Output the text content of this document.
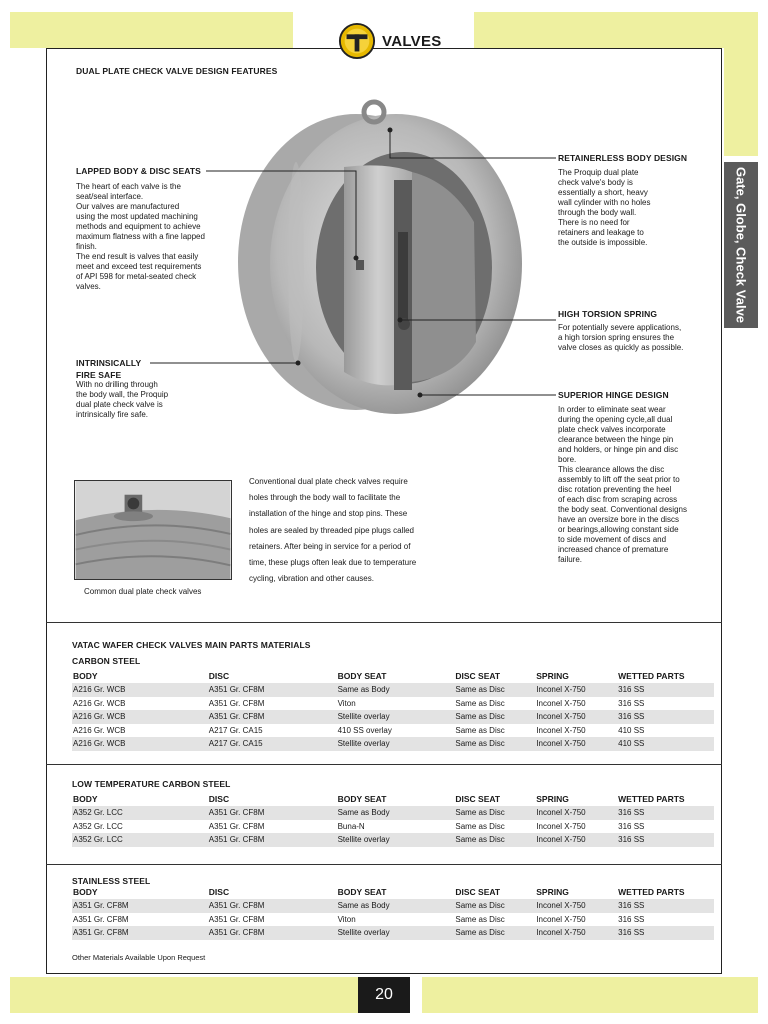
VALVES
Gate, Globe, Check Valve
DUAL PLATE CHECK VALVE DESIGN FEATURES
LAPPED BODY & DISC SEATS
The heart of each valve is the
seat/seal interface.
Our valves are manufactured
using the most updated machining
methods and equipment to achieve
maximum flatness with a fine lapped
finish.
The end result is valves that easily
meet and exceed test requirements
of API 598 for metal-seated check
valves.
INTRINSICALLY
FIRE SAFE
With no drilling through
the body wall, the Proquip
dual plate check valve is
intrinsically fire safe.
RETAINERLESS BODY DESIGN
The Proquip dual plate
check valve's body is
essentially a short, heavy
wall cylinder with no holes
through the body wall.
There is no need for
retainers and leakage to
the outside is impossible.
HIGH TORSION SPRING
For potentially severe applications,
a high torsion spring ensures the
valve closes as quickly as possible.
SUPERIOR HINGE DESIGN
In order to eliminate seat wear
during the opening cycle,all dual
plate check valves incorporate
clearance between the hinge pin
and holders, or hinge pin and disc
bore.
This clearance allows the disc
assembly to lift off the seat prior to
disc rotation preventing the heel
of each disc from scraping across
the body seat. Conventional designs
have an oversize bore in the discs
or bearings,allowing constant side
to side movement of discs and
increased chance of premature
failure.
Conventional dual plate check valves require
holes through the body wall to facilitate the
installation of the hinge and stop pins. These
holes are sealed by threaded pipe plugs called
retainers. After being in service for a period of
time, these plugs often leak due to temperature
cycling, vibration and other causes.
Common dual plate check valves
VATAC WAFER CHECK VALVES MAIN PARTS MATERIALS
CARBON STEEL
BODY	DISC	BODY SEAT	DISC SEAT	SPRING	WETTED PARTS
A216 Gr. WCB	A351 Gr. CF8M	Same as Body	Same as Disc	Inconel X-750	316 SS
A216 Gr. WCB	A351 Gr. CF8M	Viton	Same as Disc	Inconel X-750	316 SS
A216 Gr. WCB	A351 Gr. CF8M	Stellite overlay	Same as Disc	Inconel X-750	316 SS
A216 Gr. WCB	A217 Gr. CA15	410 SS overlay	Same as Disc	Inconel X-750	410 SS
A216 Gr. WCB	A217 Gr. CA15	Stellite overlay	Same as Disc	Inconel X-750	410 SS
LOW TEMPERATURE CARBON STEEL
BODY	DISC	BODY SEAT	DISC SEAT	SPRING	WETTED PARTS
A352 Gr. LCC	A351 Gr. CF8M	Same as Body	Same as Disc	Inconel X-750	316 SS
A352 Gr. LCC	A351 Gr. CF8M	Buna-N	Same as Disc	Inconel X-750	316 SS
A352 Gr. LCC	A351 Gr. CF8M	Stellite overlay	Same as Disc	Inconel X-750	316 SS
STAINLESS STEEL
BODY	DISC	BODY SEAT	DISC SEAT	SPRING	WETTED PARTS
A351 Gr. CF8M	A351 Gr. CF8M	Same as Body	Same as Disc	Inconel X-750	316 SS
A351 Gr. CF8M	A351 Gr. CF8M	Viton	Same as Disc	Inconel X-750	316 SS
A351 Gr. CF8M	A351 Gr. CF8M	Stellite overlay	Same as Disc	Inconel X-750	316 SS
Other Materials Available Upon Request
20
